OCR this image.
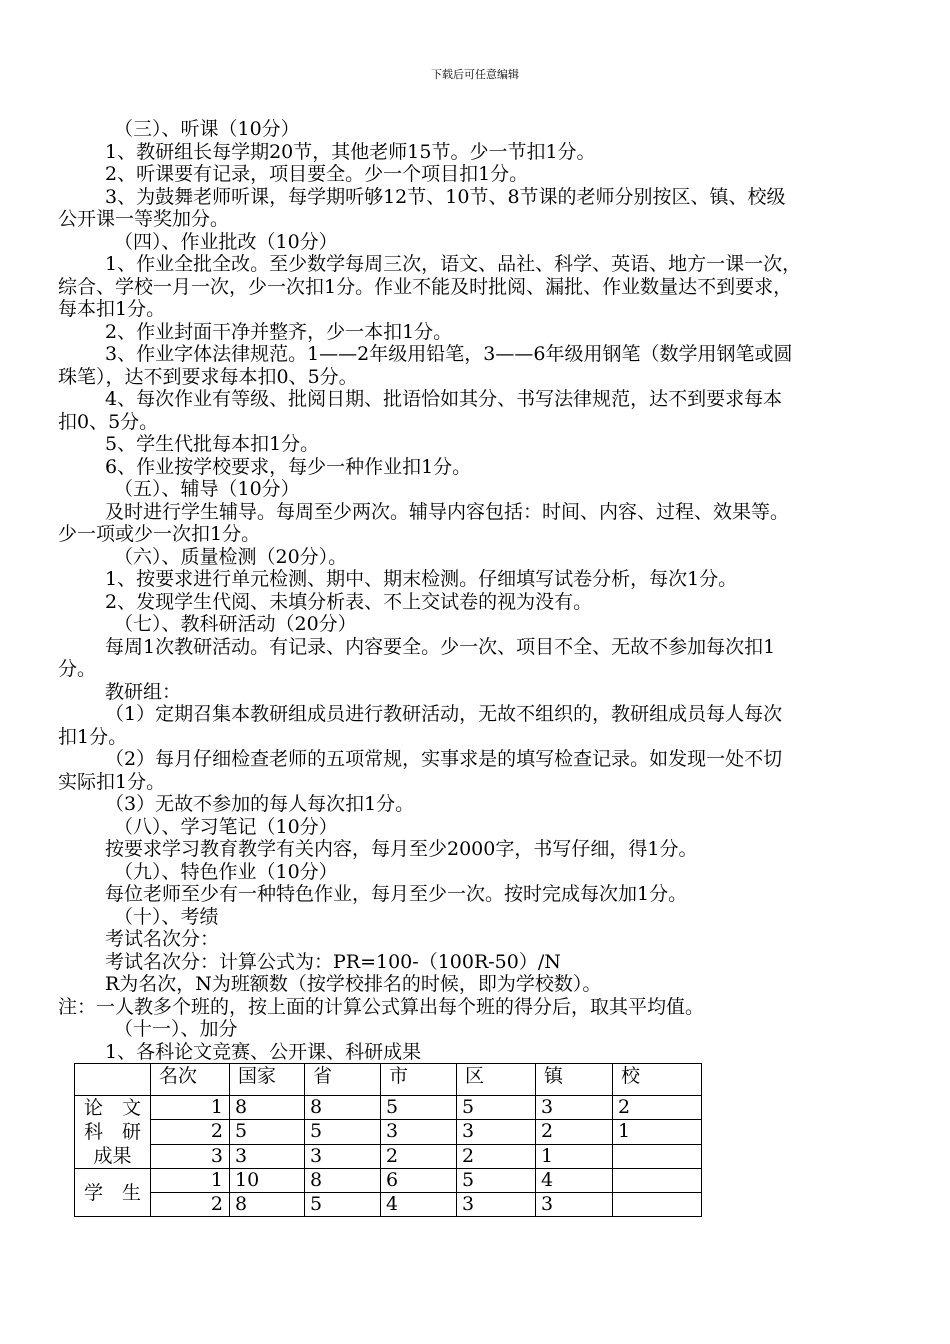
下载后可任意编辑
（三）、听课（10分）
1、教研组长每学期20节，其他老师15节。少一节扣1分。
2、听课要有记录，项目要全。少一个项目扣1分。
3、为鼓舞老师听课，每学期听够12节、10节、8节课的老师分别按区、镇、校级
公开课一等奖加分。
（四）、作业批改（10分）
1、作业全批全改。至少数学每周三次，语文、品社、科学、英语、地方一课一次，
综合、学校一月一次，少一次扣1分。作业不能及时批阅、漏批、作业数量达不到要求，
每本扣1分。
2、作业封面干净并整齐，少一本扣1分。
3、作业字体法律规范。1——2年级用铅笔，3——6年级用钢笔（数学用钢笔或圆
珠笔），达不到要求每本扣0、5分。
4、每次作业有等级、批阅日期、批语恰如其分、书写法律规范，达不到要求每本
扣0、5分。
5、学生代批每本扣1分。
6、作业按学校要求，每少一种作业扣1分。
（五）、辅导（10分）
及时进行学生辅导。每周至少两次。辅导内容包括：时间、内容、过程、效果等。
少一项或少一次扣1分。
（六）、质量检测（20分）。
1、按要求进行单元检测、期中、期末检测。仔细填写试卷分析，每次1分。
2、发现学生代阅、未填分析表、不上交试卷的视为没有。
（七）、教科研活动（20分）
每周1次教研活动。有记录、内容要全。少一次、项目不全、无故不参加每次扣1
分。
教研组：
（1）定期召集本教研组成员进行教研活动，无故不组织的，教研组成员每人每次
扣1分。
（2）每月仔细检查老师的五项常规，实事求是的填写检查记录。如发现一处不切
实际扣1分。
（3）无故不参加的每人每次扣1分。
（八）、学习笔记（10分）
按要求学习教育教学有关内容，每月至少2000字，书写仔细，得1分。
（九）、特色作业（10分）
每位老师至少有一种特色作业，每月至少一次。按时完成每次加1分。
（十）、考绩
考试名次分：
考试名次分：计算公式为：PR=100-（100R-50）/N
R为名次，N为班额数（按学校排名的时候，即为学校数）。
注：一人教多个班的，按上面的计算公式算出每个班的得分后，取其平均值。
（十一）、加分
1、各科论文竞赛、公开课、科研成果
	名次	国家	省	市	区	镇	校

论　文
科　研
成果	1	8	8	5	5	3	2
	2	5	5	3	3	2	1
	3	3	3	2	2	1	

学　生	1	10	8	6	5	4	
	2	8	5	4	3	3	
